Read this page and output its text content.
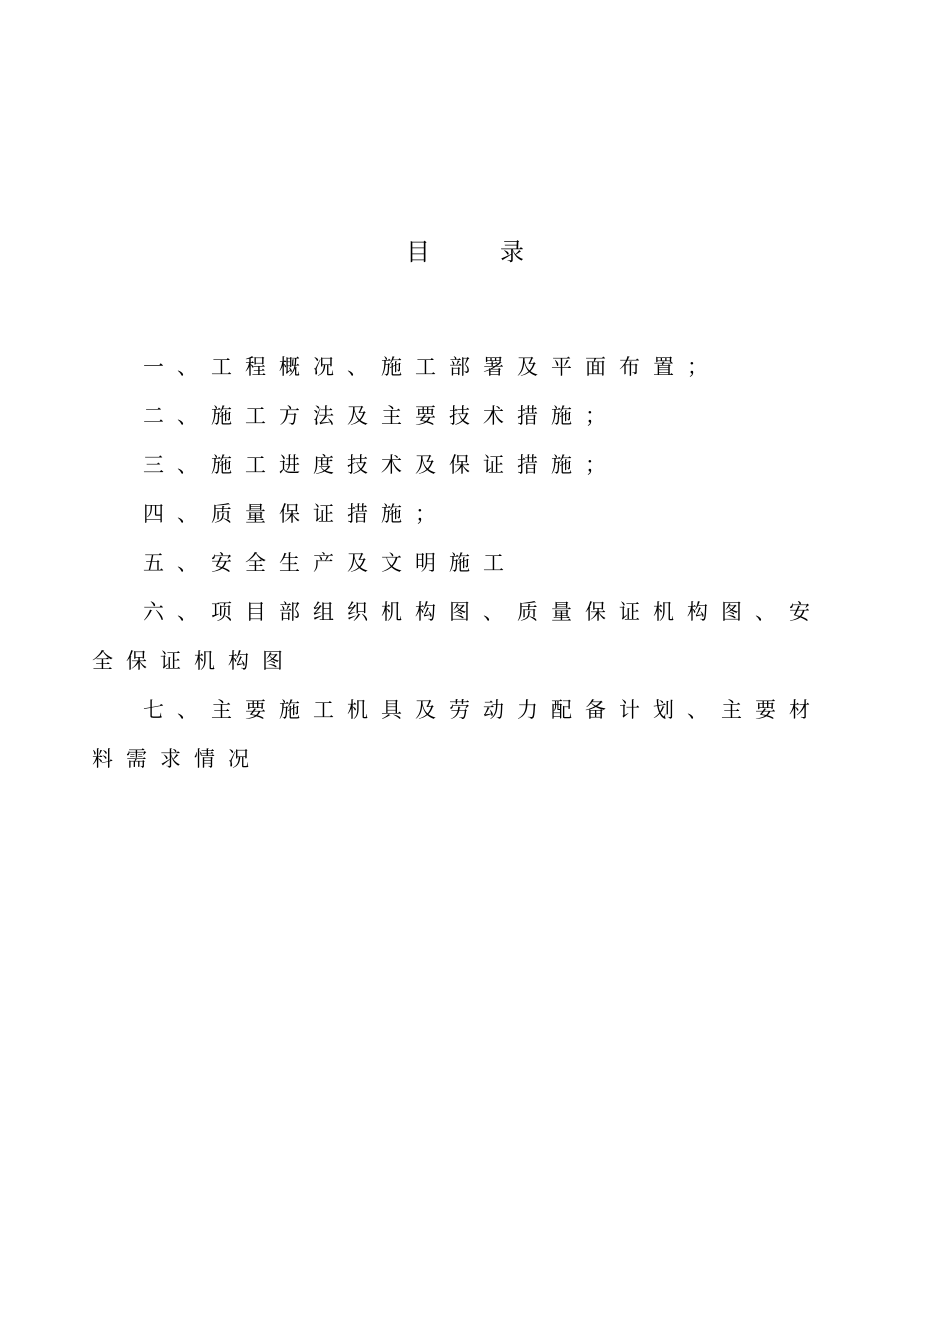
目录

一、工程概况、施工部署及平面布置；

二、施工方法及主要技术措施；

三、施工进度技术及保证措施；

四、质量保证措施；

五、安全生产及文明施工

六、项目部组织机构图、质量保证机构图、安全保证机构图

七、主要施工机具及劳动力配备计划、主要材料需求情况
